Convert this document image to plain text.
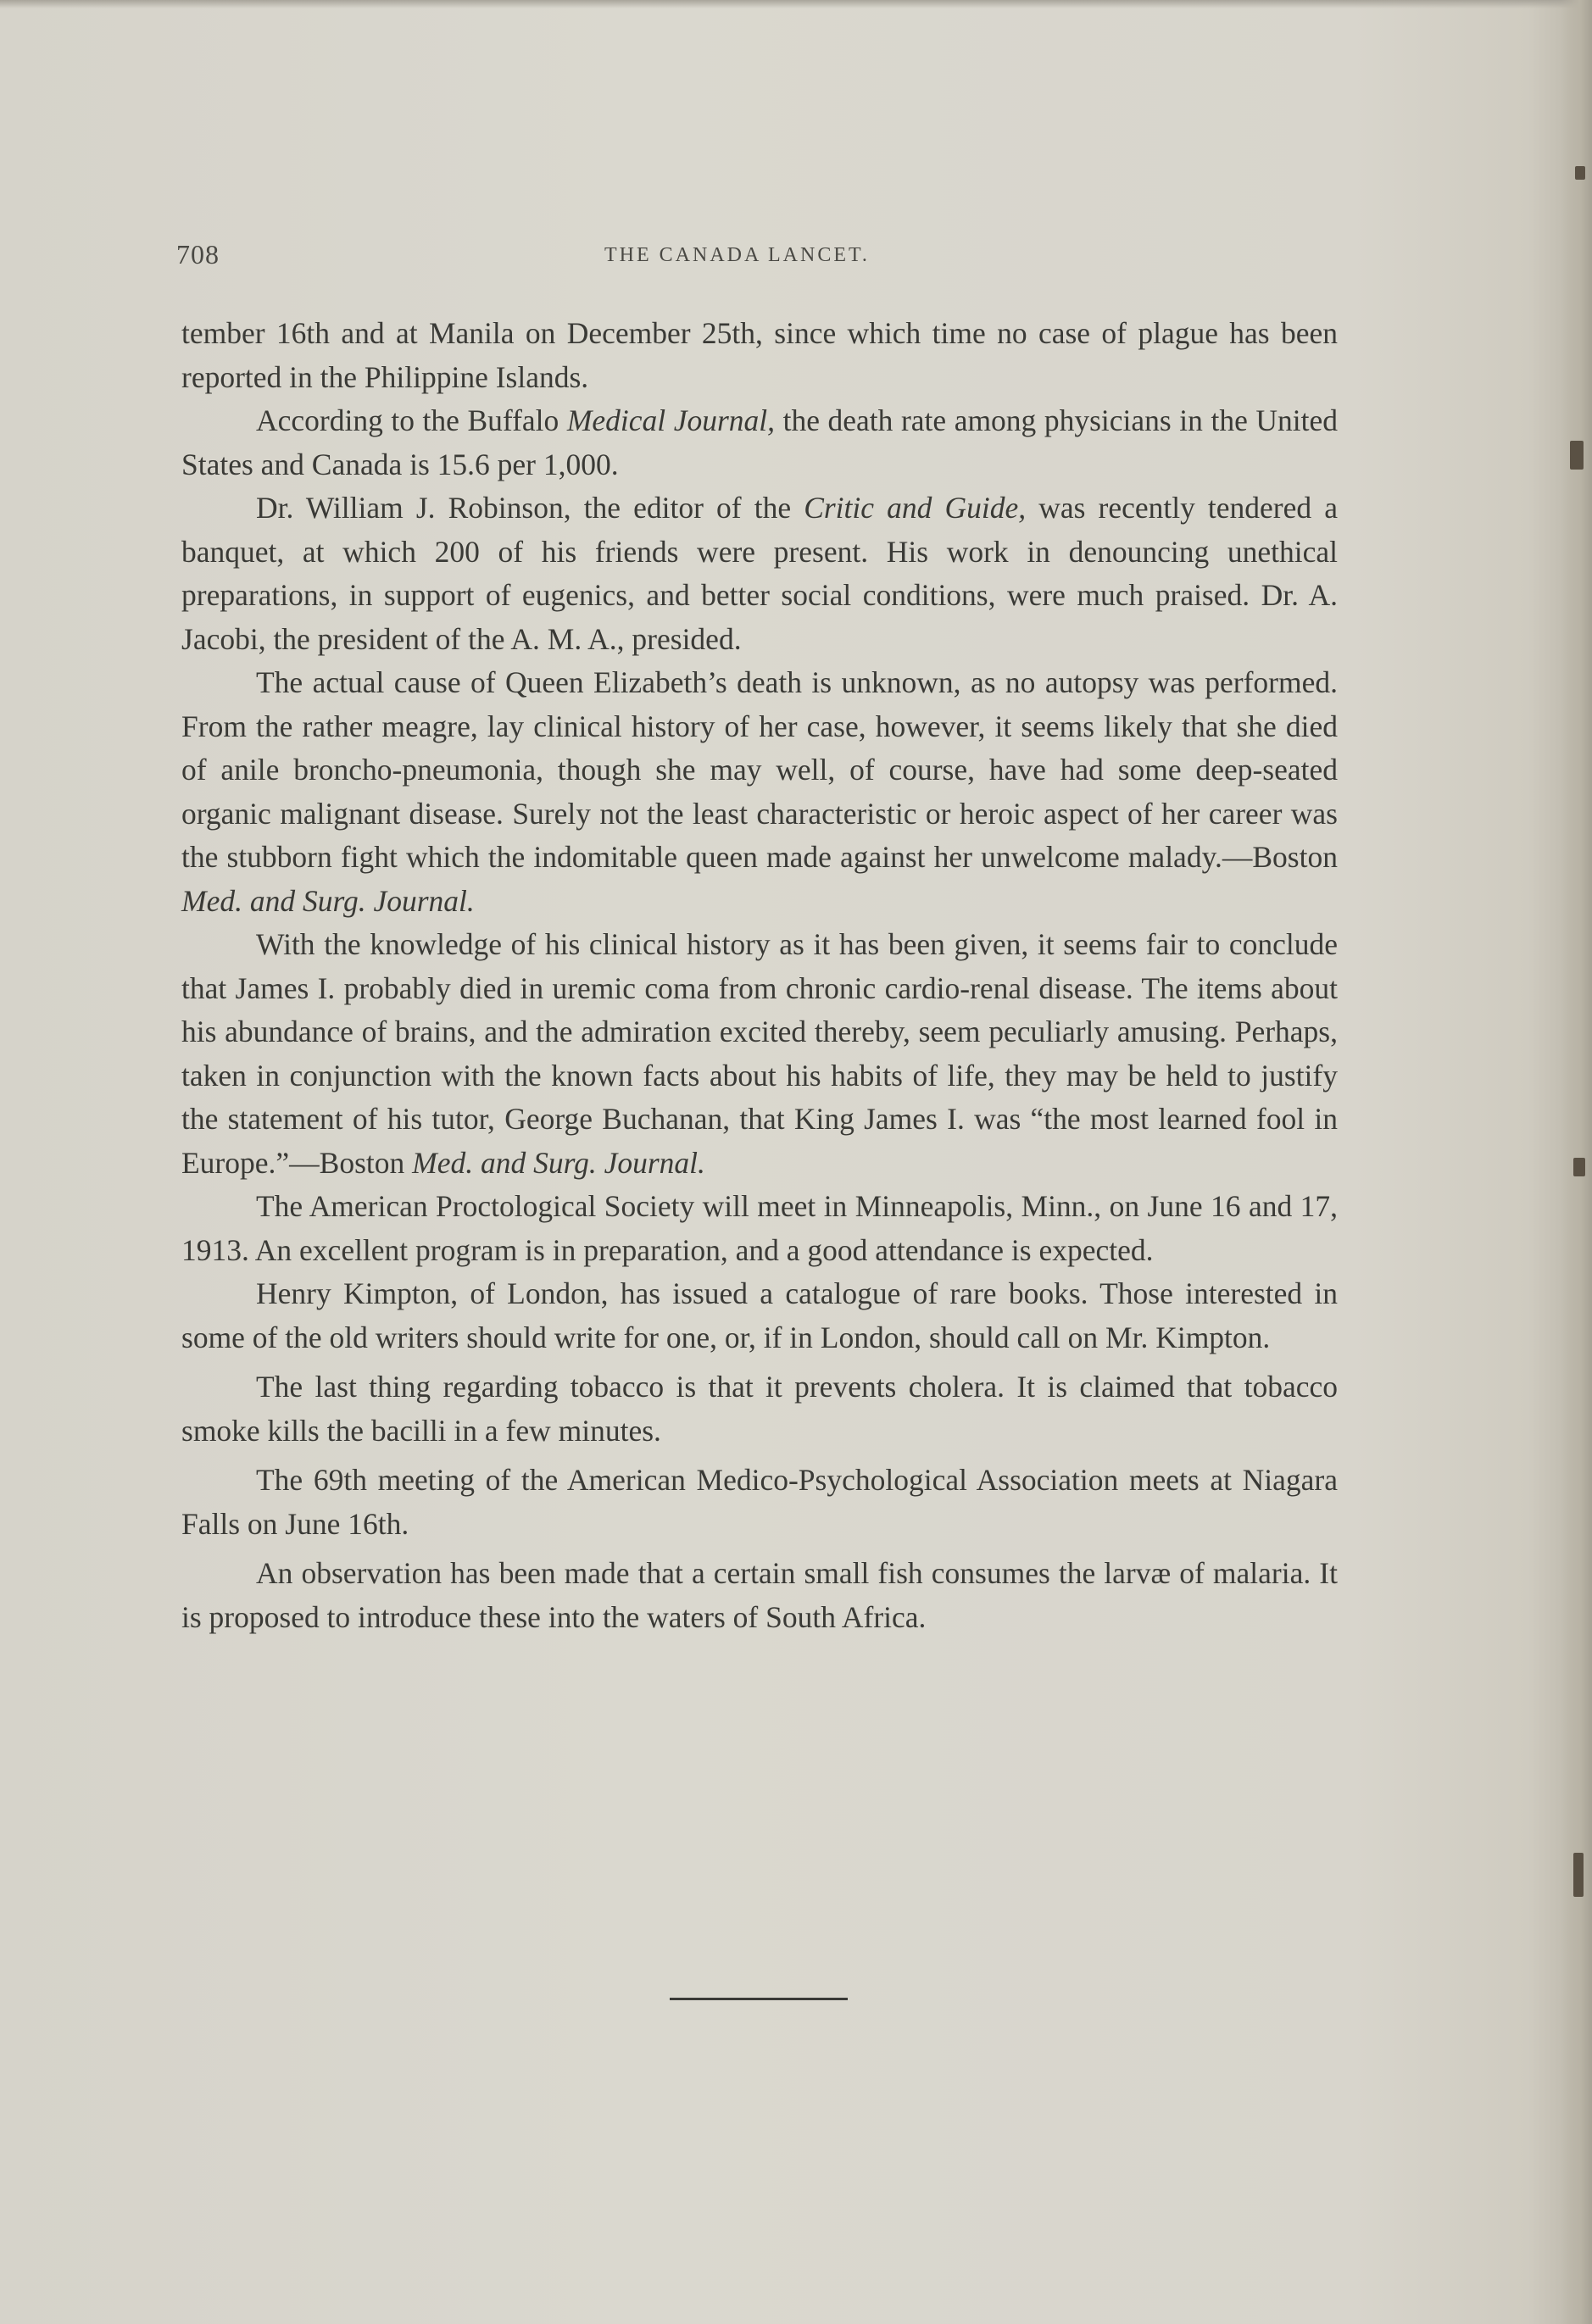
708	THE CANADA LANCET.

tember 16th and at Manila on December 25th, since which time no case of plague has been reported in the Philippine Islands.

According to the Buffalo Medical Journal, the death rate among physicians in the United States and Canada is 15.6 per 1,000.

Dr. William J. Robinson, the editor of the Critic and Guide, was recently tendered a banquet, at which 200 of his friends were present. His work in denouncing unethical preparations, in support of eugenics, and better social conditions, were much praised. Dr. A. Jacobi, the president of the A. M. A., presided.

The actual cause of Queen Elizabeth’s death is unknown, as no autopsy was performed. From the rather meagre, lay clinical history of her case, however, it seems likely that she died of anile broncho-pneumonia, though she may well, of course, have had some deep-seated organic malignant disease. Surely not the least characteristic or heroic aspect of her career was the stubborn fight which the indomitable queen made against her unwelcome malady.—Boston Med. and Surg. Journal.

With the knowledge of his clinical history as it has been given, it seems fair to conclude that James I. probably died in uremic coma from chronic cardio-renal disease. The items about his abundance of brains, and the admiration excited thereby, seem peculiarly amusing. Perhaps, taken in conjunction with the known facts about his habits of life, they may be held to justify the statement of his tutor, George Buchanan, that King James I. was “the most learned fool in Europe.”—Boston Med. and Surg. Journal.

The American Proctological Society will meet in Minneapolis, Minn., on June 16 and 17, 1913. An excellent program is in preparation, and a good attendance is expected.

Henry Kimpton, of London, has issued a catalogue of rare books. Those interested in some of the old writers should write for one, or, if in London, should call on Mr. Kimpton.

The last thing regarding tobacco is that it prevents cholera. It is claimed that tobacco smoke kills the bacilli in a few minutes.

The 69th meeting of the American Medico-Psychological Association meets at Niagara Falls on June 16th.

An observation has been made that a certain small fish consumes the larvæ of malaria. It is proposed to introduce these into the waters of South Africa.
